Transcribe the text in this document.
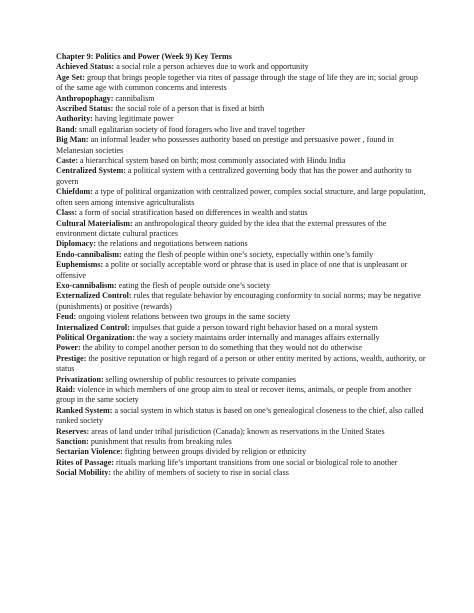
Chapter 9: Politics and Power (Week 9) Key Terms

Achieved Status: a social role a person achieves due to work and opportunity

Age Set: group that brings people together via rites of passage through the stage of life they are in; social group of the same age with common concerns and interests

Anthropophagy: cannibalism

Ascribed Status: the social role of a person that is fixed at birth

Authority: having legitimate power

Band: small egalitarian society of food foragers who live and travel together

Big Man: an informal leader who possesses authority based on prestige and persuasive power , found in Melanesian societies

Caste: a hierarchical system based on birth; most commonly associated with Hindu India

Centralized System: a political system with a centralized governing body that has the power and authority to govern

Chiefdom: a type of political organization with centralized power, complex social structure, and large population, often seen among intensive agriculturalists

Class: a form of social stratification based on differences in wealth and status

Cultural Materialism: an anthropological theory guided by the idea that the external pressures of the environment dictate cultural practices

Diplomacy: the relations and negotiations between nations

Endo-cannibalism: eating the flesh of people within one’s society, especially within one’s family

Euphemisms: a polite or socially acceptable word or phrase that is used in place of one that is unpleasant or offensive

Exo-cannibalism: eating the flesh of people outside one’s society

Externalized Control: rules that regulate behavior by encouraging conformity to social norms; may be negative (punishments) or positive (rewards)

Feud: ongoing violent relations between two groups in the same society

Internalized Control: impulses that guide a person toward right behavior based on a moral system

Political Organization: the way a society maintains order internally and manages affairs externally

Power: the ability to compel another person to do something that they would not do otherwise

Prestige: the positive reputation or high regard of a person or other entity merited by actions, wealth, authority, or status

Privatization: selling ownership of public resources to private companies

Raid: violence in which members of one group aim to steal or recover items, animals, or people from another group in the same society

Ranked System: a social system in which status is based on one’s genealogical closeness to the chief, also called ranked society

Reserves: areas of land under tribal jurisdiction (Canada); known as reservations in the United States

Sanction: punishment that results from breaking rules

Sectarian Violence: fighting between groups divided by religion or ethnicity

Rites of Passage: rituals marking life’s important transitions from one social or biological role to another

Social Mobility: the ability of members of society to rise in social class
